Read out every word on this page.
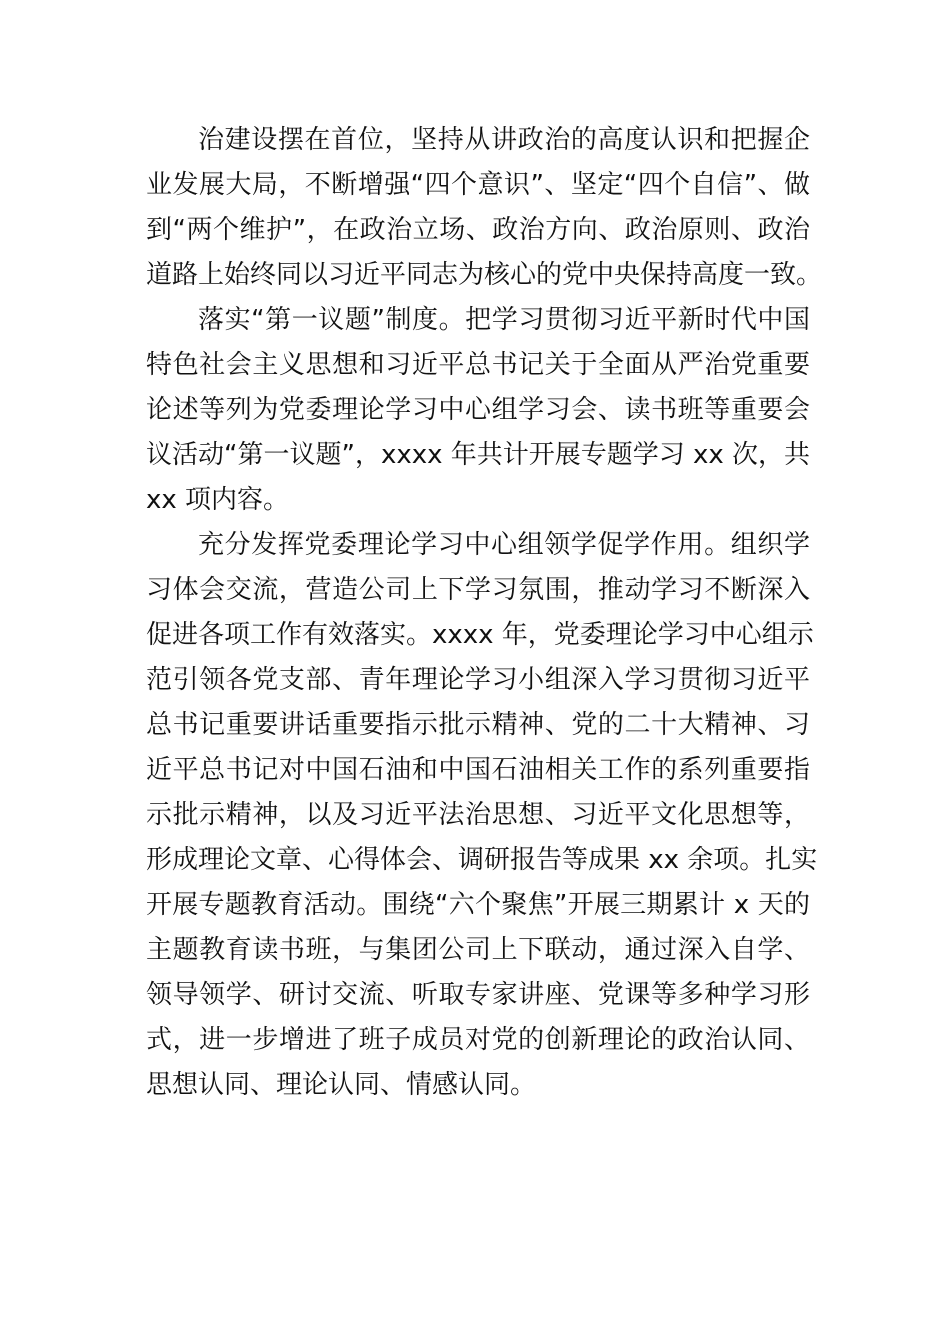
治建设摆在首位，坚持从讲政治的高度认识和把握企
业发展大局，不断增强“四个意识”、坚定“四个自信”、做
到“两个维护”，在政治立场、政治方向、政治原则、政治
道路上始终同以习近平同志为核心的党中央保持高度一致。

落实“第一议题”制度。把学习贯彻习近平新时代中国
特色社会主义思想和习近平总书记关于全面从严治党重要
论述等列为党委理论学习中心组学习会、读书班等重要会
议活动“第一议题”，xxxx 年共计开展专题学习 xx 次，共
xx 项内容。

充分发挥党委理论学习中心组领学促学作用。组织学
习体会交流，营造公司上下学习氛围，推动学习不断深入
促进各项工作有效落实。xxxx 年，党委理论学习中心组示
范引领各党支部、青年理论学习小组深入学习贯彻习近平
总书记重要讲话重要指示批示精神、党的二十大精神、习
近平总书记对中国石油和中国石油相关工作的系列重要指
示批示精神，以及习近平法治思想、习近平文化思想等，
形成理论文章、心得体会、调研报告等成果 xx 余项。扎实
开展专题教育活动。围绕“六个聚焦”开展三期累计 x 天的
主题教育读书班，与集团公司上下联动，通过深入自学、
领导领学、研讨交流、听取专家讲座、党课等多种学习形
式，进一步增进了班子成员对党的创新理论的政治认同、
思想认同、理论认同、情感认同。
